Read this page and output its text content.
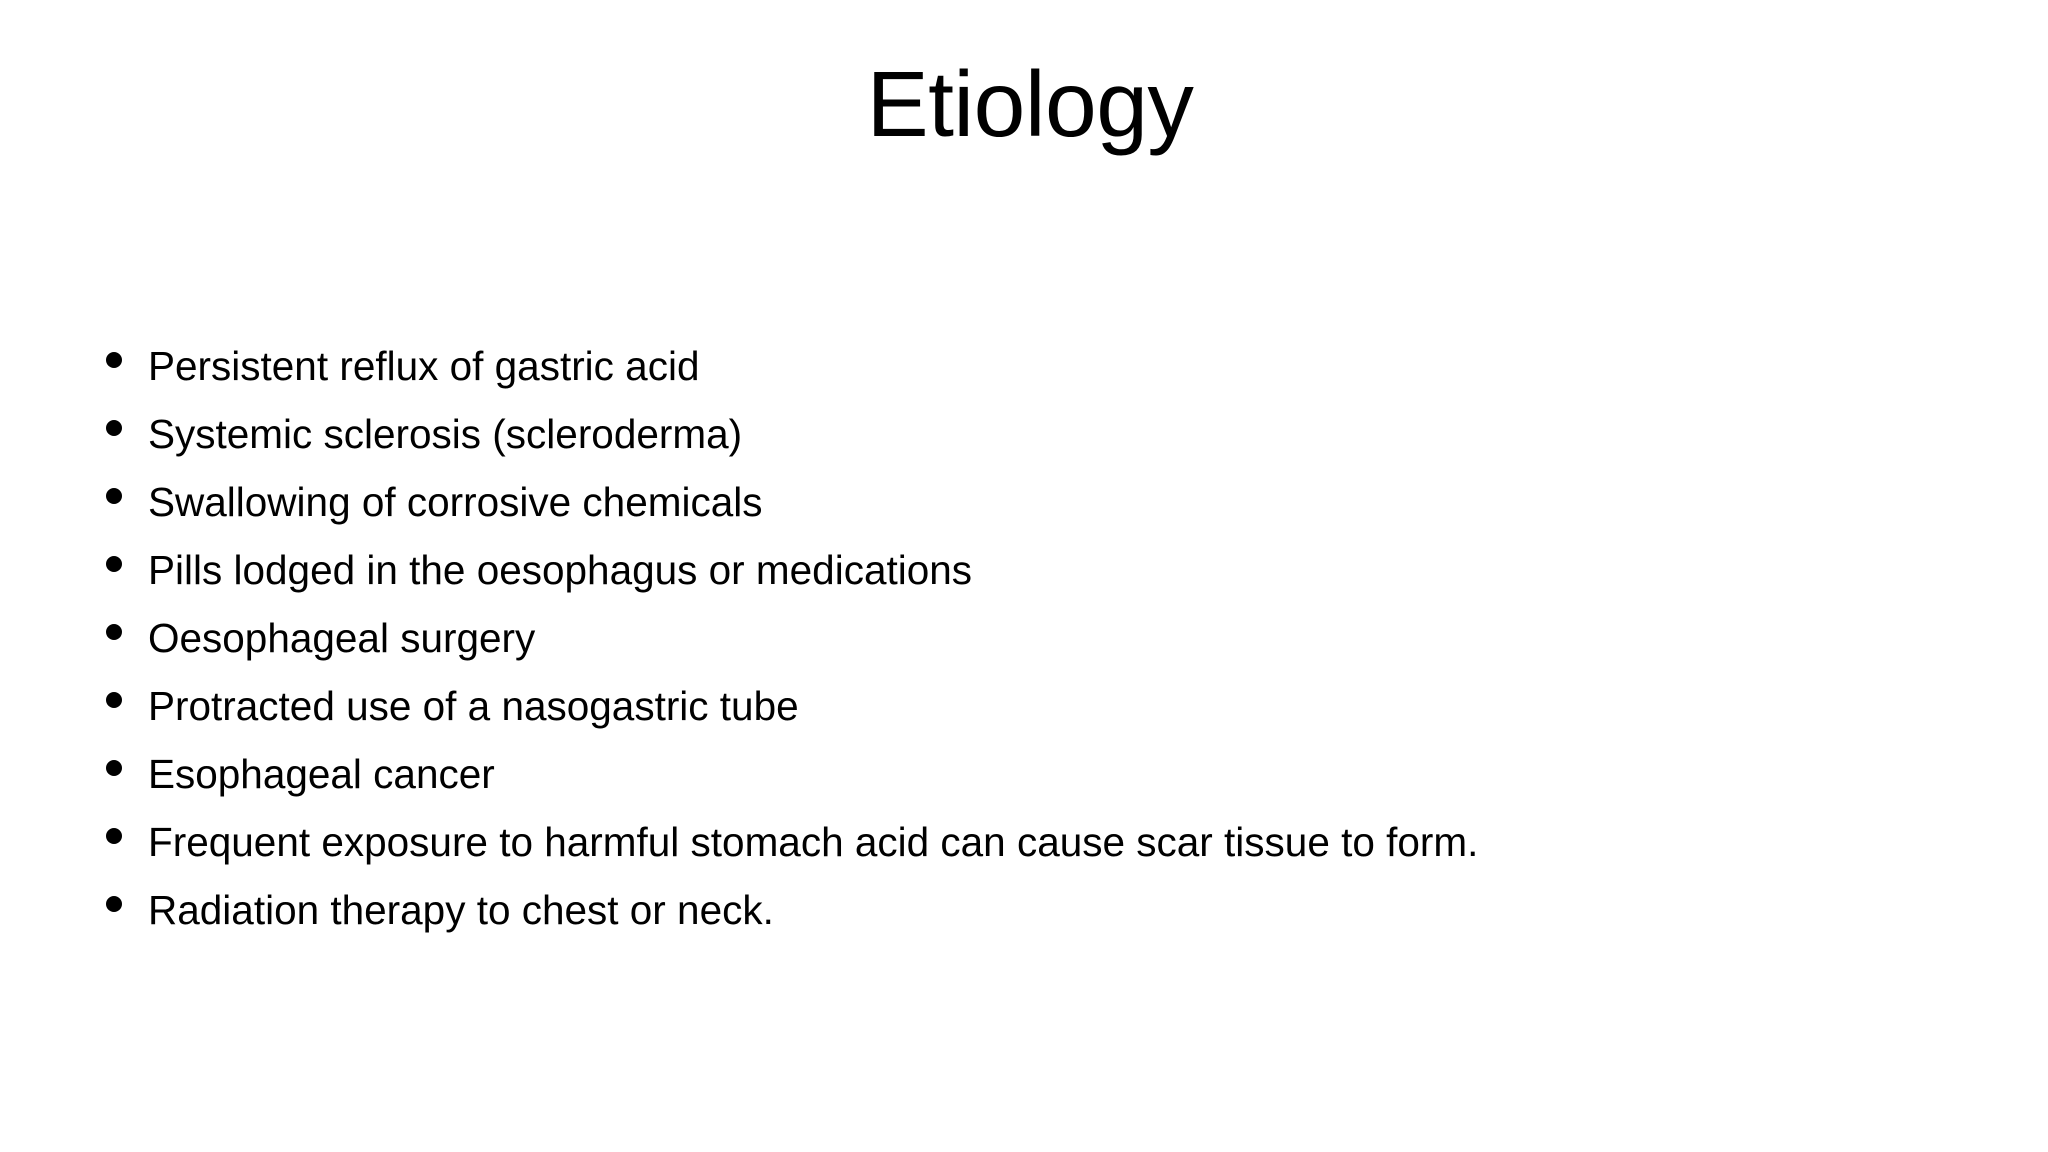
Etiology
Persistent reflux of gastric acid
Systemic sclerosis (scleroderma)
Swallowing of corrosive chemicals
Pills lodged in the oesophagus or medications
Oesophageal surgery
Protracted use of a nasogastric tube
Esophageal cancer
Frequent exposure to harmful stomach acid can cause scar tissue to form.
Radiation therapy to chest or neck.
